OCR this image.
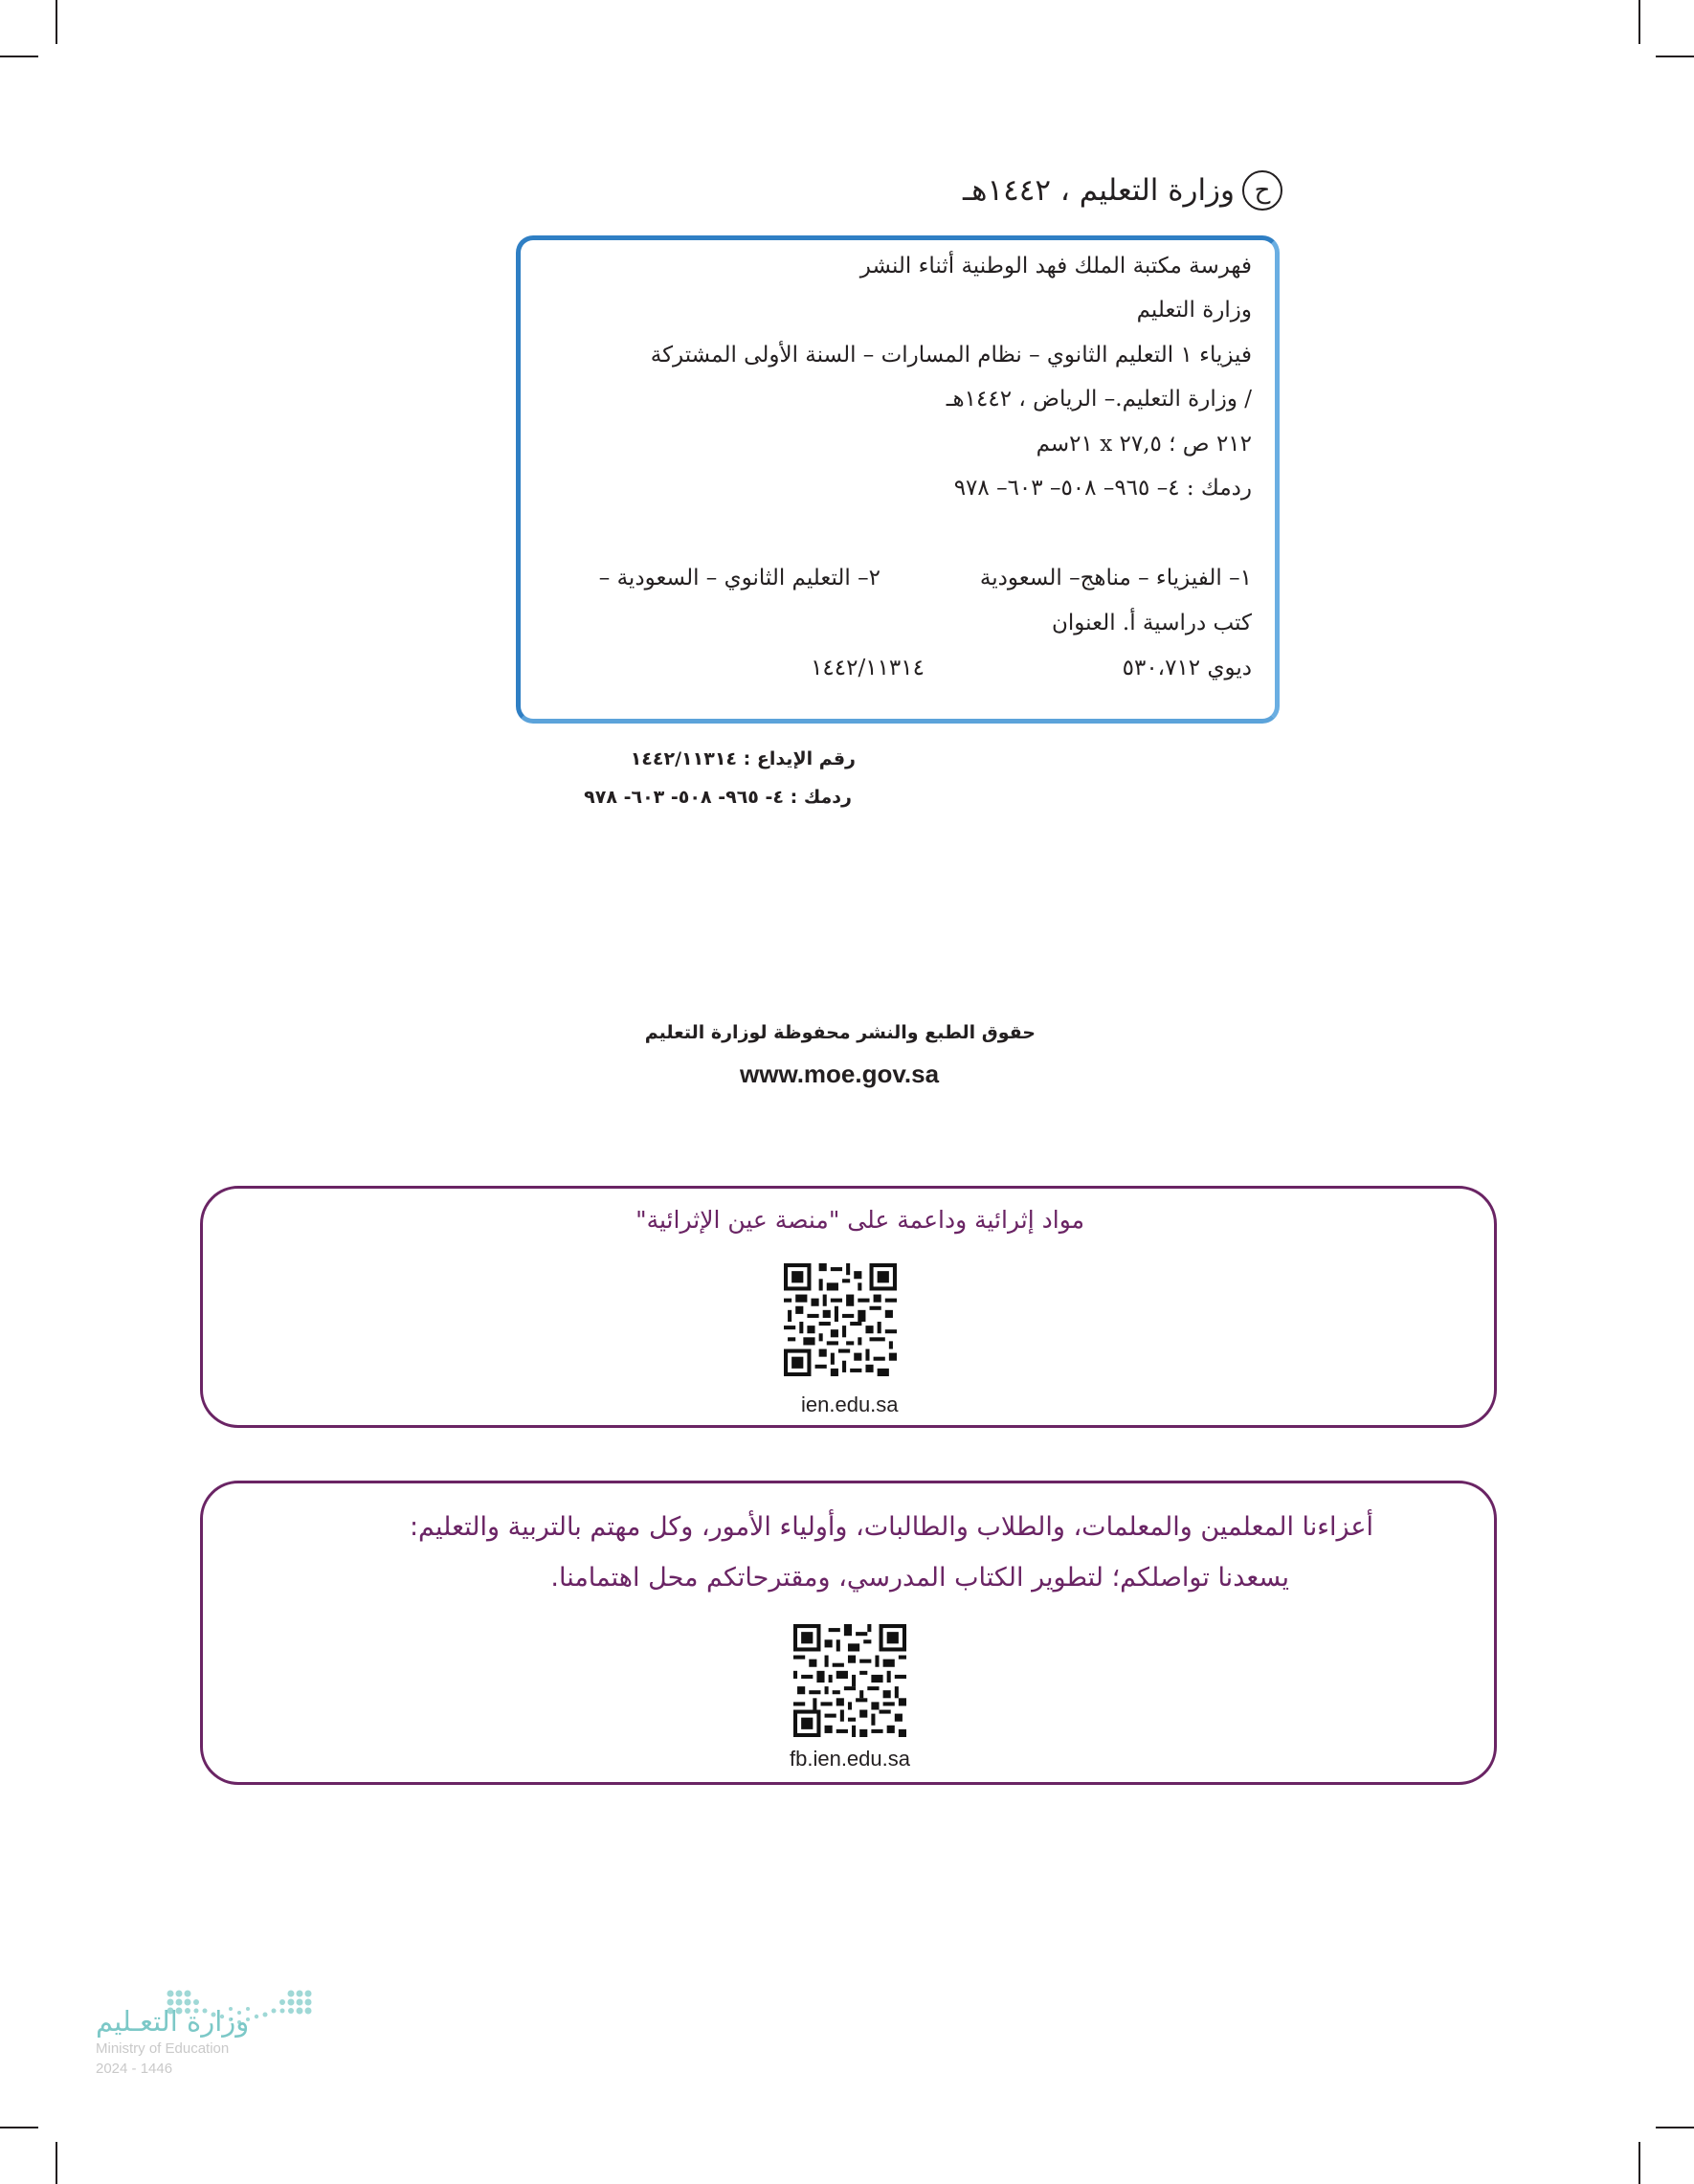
ح
وزارة التعليم ، ١٤٤٢هـ
فهرسة مكتبة الملك فهد الوطنية أثناء النشر
وزارة التعليم
فيزياء ١ التعليم الثانوي – نظام المسارات – السنة الأولى المشتركة
/ وزارة التعليم.– الرياض ، ١٤٤٢هـ
٢١٢ ص ؛ ٢٧,٥ x ٢١سم
ردمك : ٤– ٩٦٥– ٥٠٨– ٦٠٣– ٩٧٨
١– الفيزياء – مناهج– السعودية
٢– التعليم الثانوي – السعودية –
كتب دراسية أ. العنوان
ديوي ٥٣٠،٧١٢
١٤٤٢/١١٣١٤
رقم الإيداع : ١٤٤٢/١١٣١٤
ردمك : ٤- ٩٦٥- ٥٠٨- ٦٠٣- ٩٧٨
حقوق الطبع والنشر محفوظة لوزارة التعليم
www.moe.gov.sa
مواد إثرائية وداعمة على "منصة عين الإثرائية"
ien.edu.sa
أعزاءنا المعلمين والمعلمات، والطلاب والطالبات، وأولياء الأمور، وكل مهتم بالتربية والتعليم:
يسعدنا تواصلكم؛ لتطوير الكتاب المدرسي، ومقترحاتكم محل اهتمامنا.
fb.ien.edu.sa
وزارة التعـليم
Ministry of Education
2024 - 1446
